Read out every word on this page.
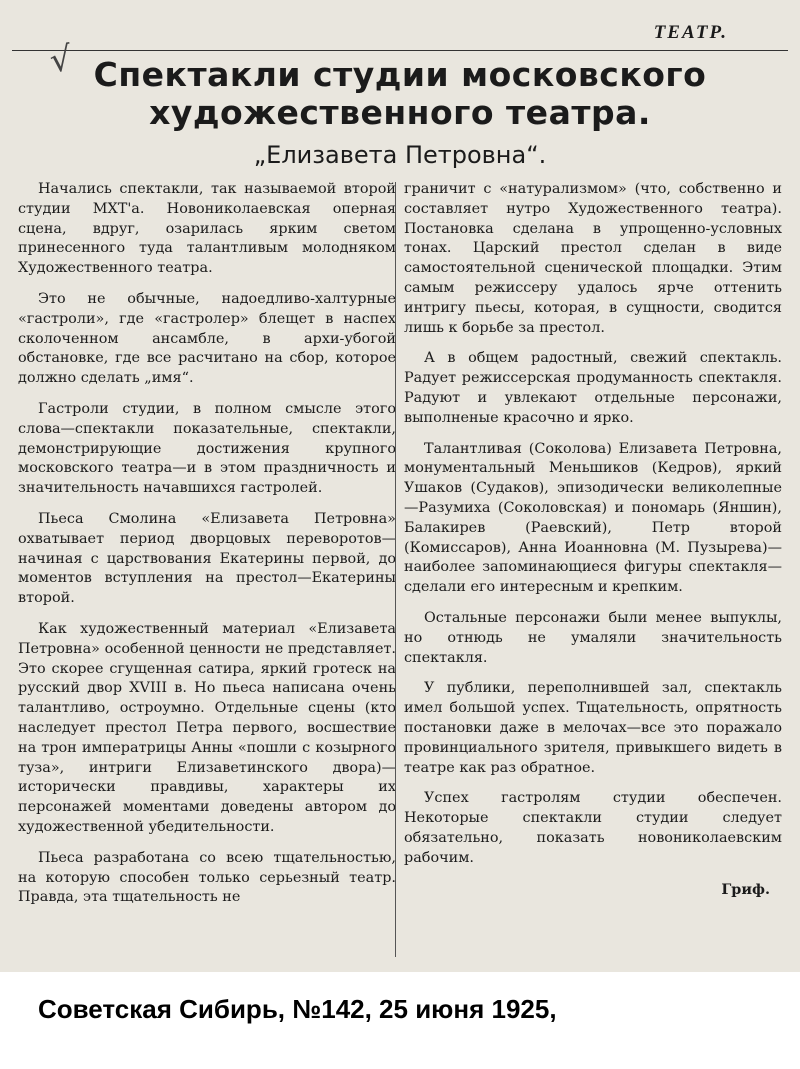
ТЕАТР.
√ Спектакли студии московского
художественного театра.
„Елизавета Петровна“.

Начались спектакли, так называемой второй студии МХТ'а. Новониколаевская оперная сцена, вдруг, озарилась ярким светом принесенного туда талантливым молодняком Художественного театра.

Это не обычные, надоедливо-халтурные «гастроли», где «гастролер» блещет в наспех сколоченном ансамбле, в архи-убогой обстановке, где все расчитано на сбор, которое должно сделать „имя“.

Гастроли студии, в полном смысле этого слова—спектакли показательные, спектакли, демонстрирующие достижения крупного московского театра—и в этом праздничность и значительность начавшихся гастролей.

Пьеса Смолина «Елизавета Петровна» охватывает период дворцовых переворотов—начиная с царствования Екатерины первой, до моментов вступления на престол—Екатерины второй.

Как художественный материал «Елизавета Петровна» особенной ценности не представляет. Это скорее сгущенная сатира, яркий гротеск на русский двор XVIII в. Но пьеса написана очень талантливо, остроумно. Отдельные сцены (кто наследует престол Петра первого, восшествие на трон императрицы Анны «пошли с козырного туза», интриги Елизаветинского двора)—исторически правдивы, характеры их персонажей моментами доведены автором до художественной убедительности.

Пьеса разработана со всею тщательностью, на которую способен только серьезный театр. Правда, эта тщательность не

граничит с «натурализмом» (что, собственно и составляет нутро Художественного театра). Постановка сделана в упрощенно-условных тонах. Царский престол сделан в виде самостоятельной сценической площадки. Этим самым режиссеру удалось ярче оттенить интригу пьесы, которая, в сущности, сводится лишь к борьбе за престол.

А в общем радостный, свежий спектакль. Радует режиссерская продуманность спектакля. Радуют и увлекают отдельные персонажи, выполненые красочно и ярко.

Талантливая (Соколова) Елизавета Петровна, монументальный Меньшиков (Кедров), яркий Ушаков (Судаков), эпизодически великолепные—Разумиха (Соколовская) и пономарь (Яншин), Балакирев (Раевский), Петр второй (Комиссаров), Анна Иоанновна (М. Пузырева)—наиболее запоминающиеся фигуры спектакля—сделали его интересным и крепким.

Остальные персонажи были менее выпуклы, но отнюдь не умаляли значительность спектакля.

У публики, переполнившей зал, спектакль имел большой успех. Тщательность, опрятность постановки даже в мелочах—все это поражало провинциального зрителя, привыкшего видеть в театре как раз обратное.

Успех гастролям студии обеспечен. Некоторые спектакли студии следует обязательно, показать новониколаевским рабочим.

Гриф.
Советская Сибирь, №142, 25 июня 1925,
